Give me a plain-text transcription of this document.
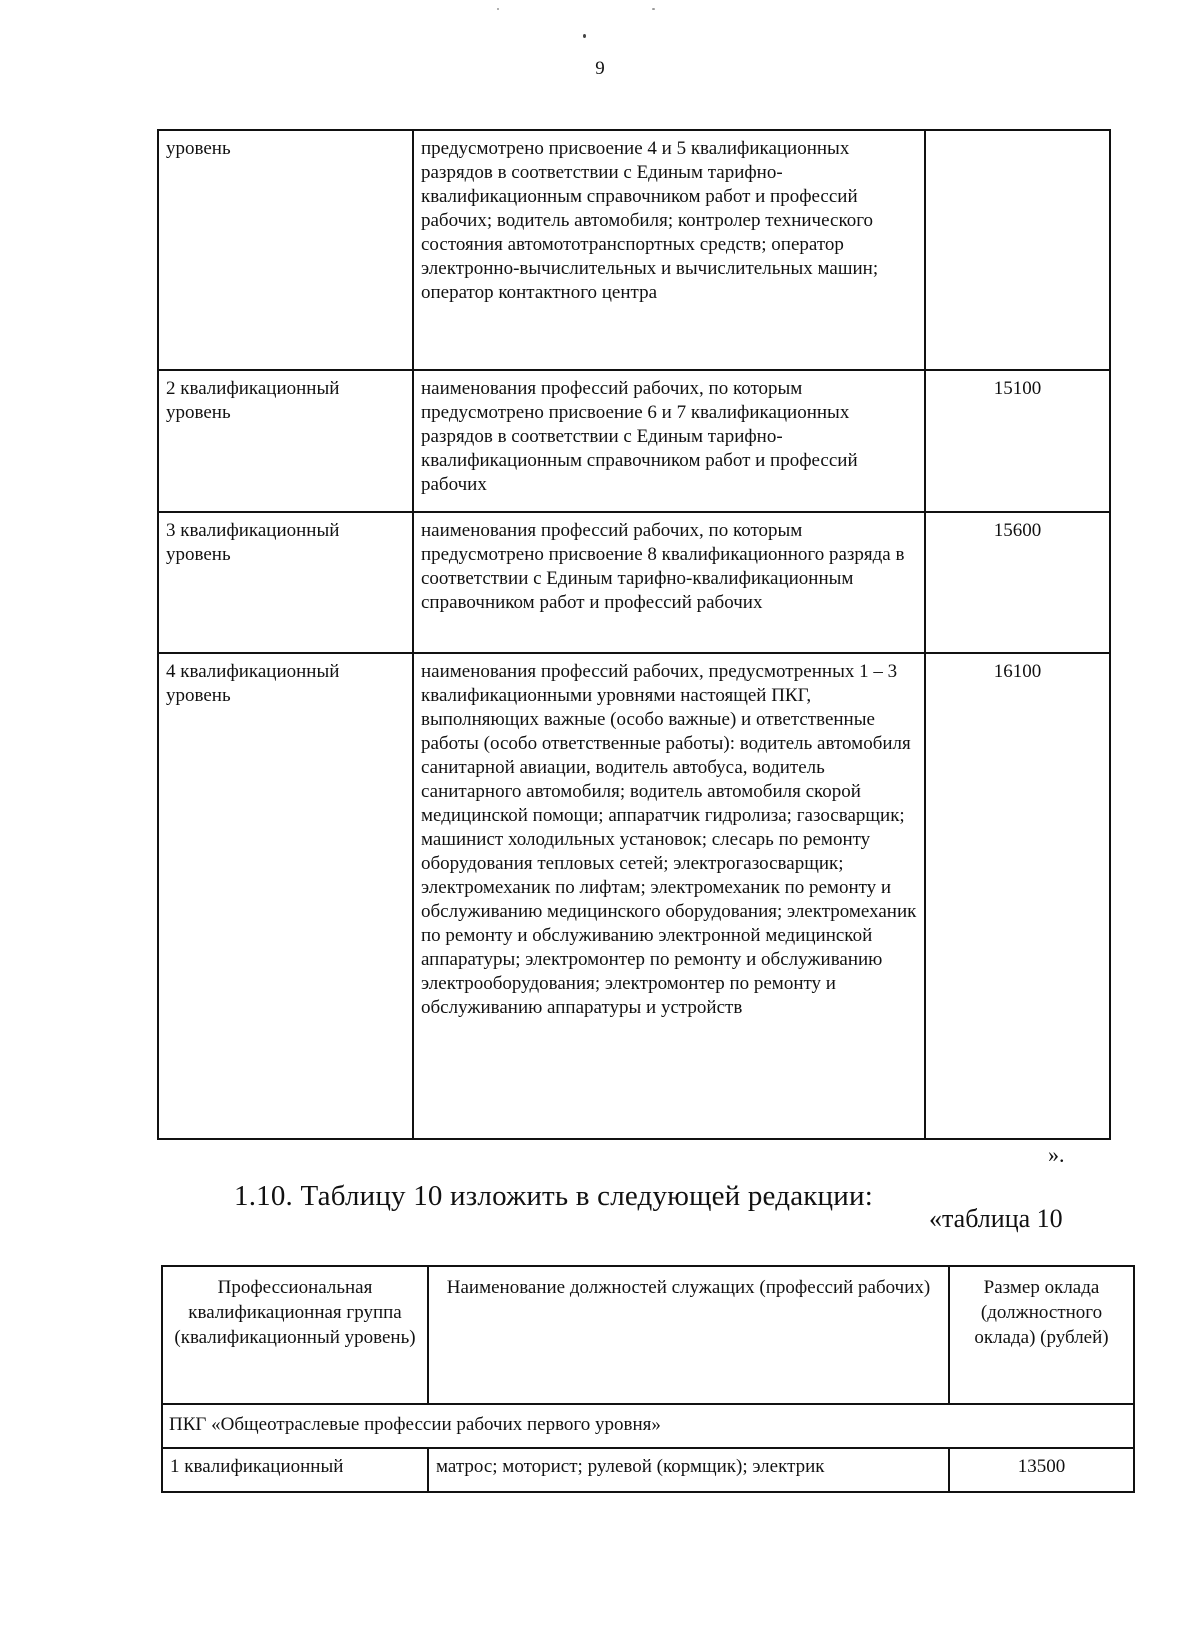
9
уровень	предусмотрено присвоение 4 и 5 квалификационных разрядов в соответствии с Единым тарифно-квалификационным справочником работ и профессий рабочих; водитель автомобиля; контролер технического состояния автомототранспортных средств; оператор электронно-вычислительных и вычислительных машин; оператор контактного центра	
2 квалификационный уровень	наименования профессий рабочих, по которым предусмотрено присвоение 6 и 7 квалификационных разрядов в соответствии с Единым тарифно-квалификационным справочником работ и профессий рабочих	15100
3 квалификационный уровень	наименования профессий рабочих, по которым предусмотрено присвоение 8 квалификационного разряда в соответствии с Единым тарифно-квалификационным справочником работ и профессий рабочих	15600
4 квалификационный уровень	наименования профессий рабочих, предусмотренных 1 – 3 квалификационными уровнями настоящей ПКГ, выполняющих важные (особо важные) и ответственные работы (особо ответственные работы): водитель автомобиля санитарной авиации, водитель автобуса, водитель санитарного автомобиля; водитель автомобиля скорой медицинской помощи; аппаратчик гидролиза; газосварщик; машинист холодильных установок; слесарь по ремонту оборудования тепловых сетей; электрогазосварщик; электромеханик по лифтам; электромеханик по ремонту и обслуживанию медицинского оборудования; электромеханик по ремонту и обслуживанию электронной медицинской аппаратуры; электромонтер по ремонту и обслуживанию электрооборудования; электромонтер по ремонту и обслуживанию аппаратуры и устройств	16100
».
1.10. Таблицу 10 изложить в следующей редакции:
«таблица 10
Профессиональная квалификационная группа (квалификационный уровень)	Наименование должностей служащих (профессий рабочих)	Размер оклада (должностного оклада) (рублей)
ПКГ «Общеотраслевые профессии рабочих первого уровня»		
1 квалификационный	матрос; моторист; рулевой (кормщик); электрик	13500
